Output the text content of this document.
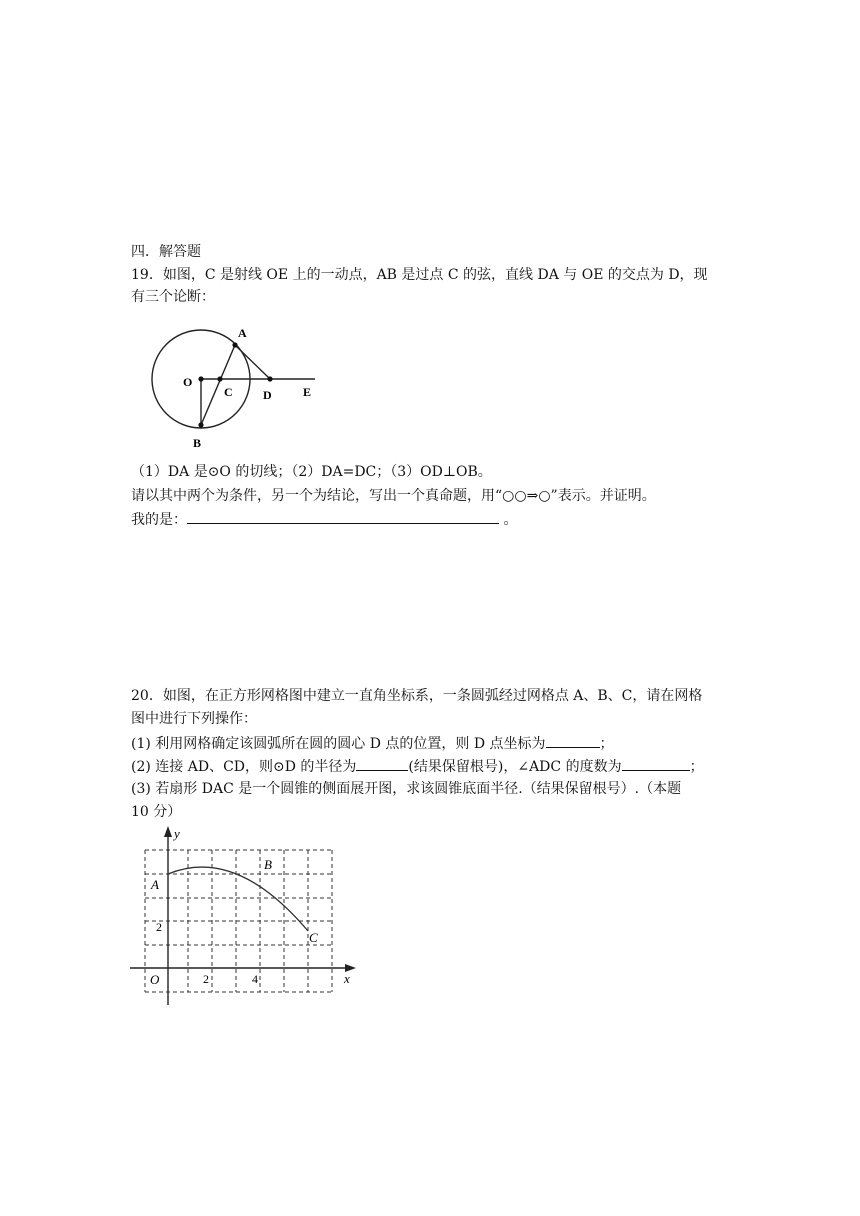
四．解答题
19．如图，C 是射线 OE 上的一动点，AB 是过点 C 的弦，直线 DA 与 OE 的交点为 D，现
有三个论断：
A
O
C	D	E
B
（1）DA 是⊙O 的切线；（2）DA=DC；（3）OD⊥OB。
请以其中两个为条件，另一个为结论，写出一个真命题，用“○○⇒○”表示。并证明。
我的是：	。
20．如图，在正方形网格图中建立一直角坐标系，一条圆弧经过网格点 A、B、C，请在网格
图中进行下列操作：
(1) 利用网格确定该圆弧所在圆的圆心 D 点的位置，则 D 点坐标为	；
(2) 连接 AD、CD，则⊙D 的半径为	(结果保留根号)，∠ADC 的度数为	；
(3) 若扇形 DAC 是一个圆锥的侧面展开图，求该圆锥底面半径.（结果保留根号）.（本题
10 分）
y
x
O
A
B
C
2	4
2
